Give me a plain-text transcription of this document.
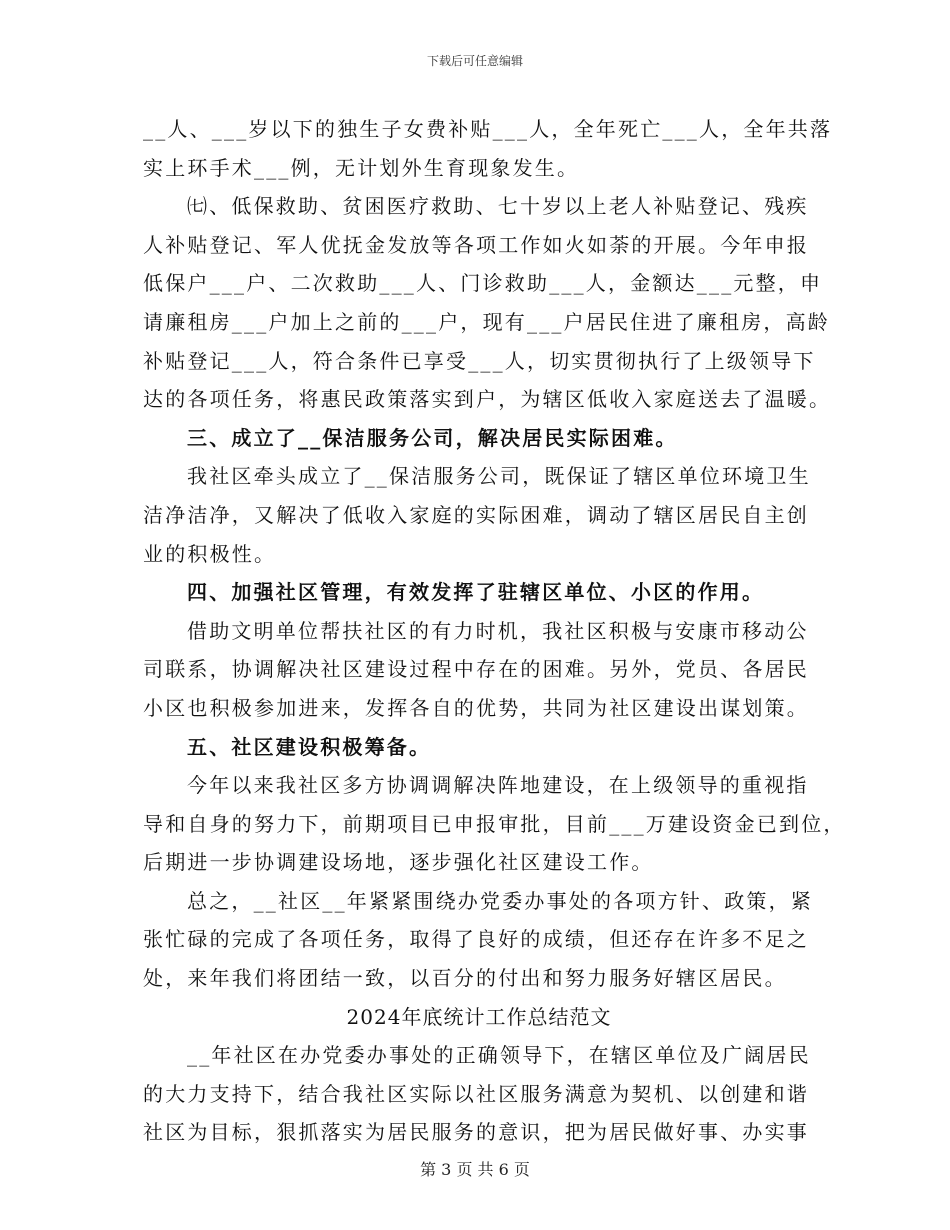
下载后可任意编辑
__人、___岁以下的独生子女费补贴___人，全年死亡___人，全年共落
实上环手术___例，无计划外生育现象发生。
㈦、低保救助、贫困医疗救助、七十岁以上老人补贴登记、残疾
人补贴登记、军人优抚金发放等各项工作如火如荼的开展。今年申报
低保户___户、二次救助___人、门诊救助___人，金额达___元整，申
请廉租房___户加上之前的___户，现有___户居民住进了廉租房，高龄
补贴登记___人，符合条件已享受___人，切实贯彻执行了上级领导下
达的各项任务，将惠民政策落实到户，为辖区低收入家庭送去了温暖。
三、成立了__保洁服务公司，解决居民实际困难。
我社区牵头成立了__保洁服务公司，既保证了辖区单位环境卫生
洁净洁净，又解决了低收入家庭的实际困难，调动了辖区居民自主创
业的积极性。
四、加强社区管理，有效发挥了驻辖区单位、小区的作用。
借助文明单位帮扶社区的有力时机，我社区积极与安康市移动公
司联系，协调解决社区建设过程中存在的困难。另外，党员、各居民
小区也积极参加进来，发挥各自的优势，共同为社区建设出谋划策。
五、社区建设积极筹备。
今年以来我社区多方协调调解决阵地建设，在上级领导的重视指
导和自身的努力下，前期项目已申报审批，目前___万建设资金已到位，
后期进一步协调建设场地，逐步强化社区建设工作。
总之，__社区__年紧紧围绕办党委办事处的各项方针、政策，紧
张忙碌的完成了各项任务，取得了良好的成绩，但还存在许多不足之
处，来年我们将团结一致，以百分的付出和努力服务好辖区居民。
2024年底统计工作总结范文
__年社区在办党委办事处的正确领导下，在辖区单位及广阔居民
的大力支持下，结合我社区实际以社区服务满意为契机、以创建和谐
社区为目标，狠抓落实为居民服务的意识，把为居民做好事、办实事
第 3 页 共 6 页
